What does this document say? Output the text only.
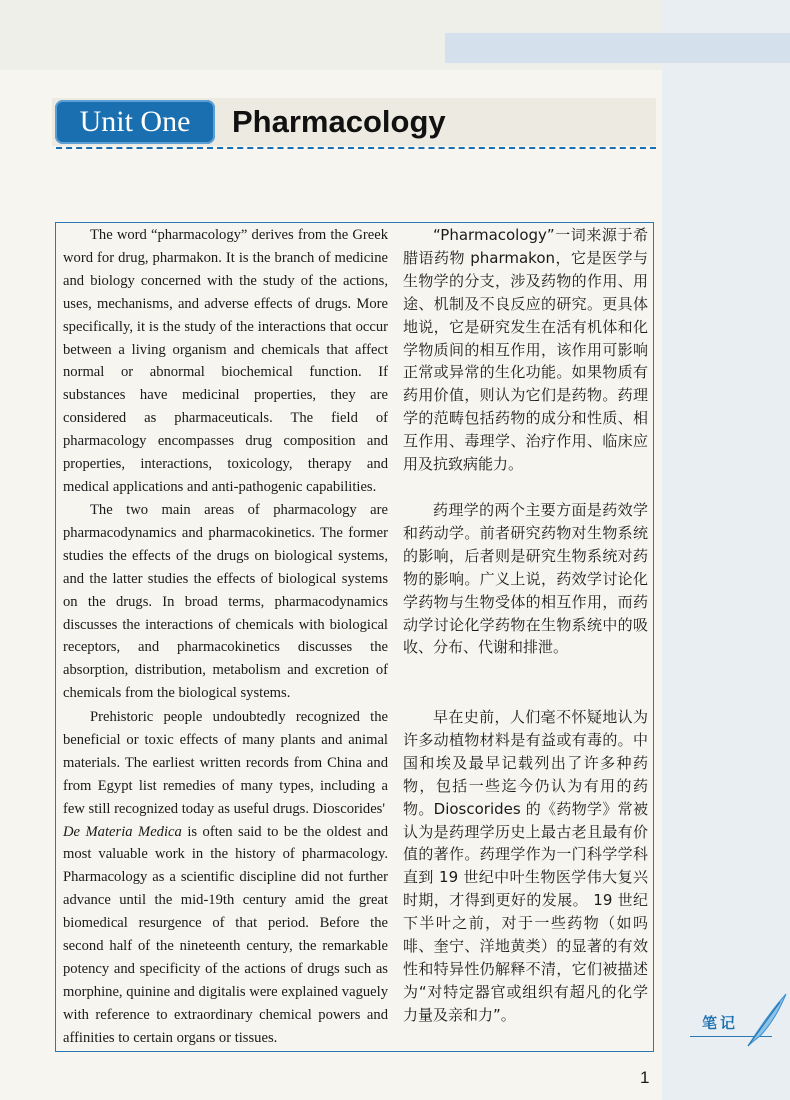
Unit One	Pharmacology

The word “pharmacology” derives from the Greek word for drug, pharmakon. It is the branch of medicine and biology concerned with the study of the actions, uses, mechanisms, and adverse effects of drugs. More specifically, it is the study of the interactions that occur between a living organism and chemicals that affect normal or abnormal biochemical function. If substances have medicinal properties, they are considered as pharmaceuticals. The field of pharmacology encompasses drug composition and properties, interactions, toxicology, therapy and medical applications and anti-pathogenic capabilities.

The two main areas of pharmacology are pharmacodynamics and pharmacokinetics. The former studies the effects of the drugs on biological systems, and the latter studies the effects of biological systems on the drugs. In broad terms, pharmacodynamics discusses the interactions of chemicals with biological receptors, and pharmacokinetics discusses the absorption, distribution, metabolism and excretion of chemicals from the biological systems.

Prehistoric people undoubtedly recognized the beneficial or toxic effects of many plants and animal materials. The earliest written records from China and from Egypt list remedies of many types, including a few still recognized today as useful drugs. Dioscorides'
De Materia Medica is often said to be the oldest and most valuable work in the history of pharmacology. Pharmacology as a scientific discipline did not further advance until the mid-19th century amid the great biomedical resurgence of that period. Before the second half of the nineteenth century, the remarkable potency and specificity of the actions of drugs such as morphine, quinine and digitalis were explained vaguely with reference to extraordinary chemical powers and affinities to certain organs or tissues.

“Pharmacology”一词来源于希腊语药物 pharmakon，它是医学与生物学的分支，涉及药物的作用、用途、机制及不良反应的研究。更具体地说，它是研究发生在活有机体和化学物质间的相互作用，该作用可影响正常或异常的生化功能。如果物质有药用价值，则认为它们是药物。药理学的范畴包括药物的成分和性质、相互作用、毒理学、治疗作用、临床应用及抗致病能力。

药理学的两个主要方面是药效学和药动学。前者研究药物对生物系统的影响，后者则是研究生物系统对药物的影响。广义上说，药效学讨论化学药物与生物受体的相互作用，而药动学讨论化学药物在生物系统中的吸收、分布、代谢和排泄。

早在史前，人们毫不怀疑地认为许多动植物材料是有益或有毒的。中国和埃及最早记载列出了许多种药物，包括一些迄今仍认为有用的药物。Dioscorides 的《药物学》常被认为是药理学历史上最古老且最有价值的著作。药理学作为一门科学学科直到 19 世纪中叶生物医学伟大复兴时期，才得到更好的发展。 19 世纪下半叶之前，对于一些药物（如吗啡、奎宁、洋地黄类）的显著的有效性和特异性仍解释不清，它们被描述为“对特定器官或组织有超凡的化学力量及亲和力”。	笔记
1
